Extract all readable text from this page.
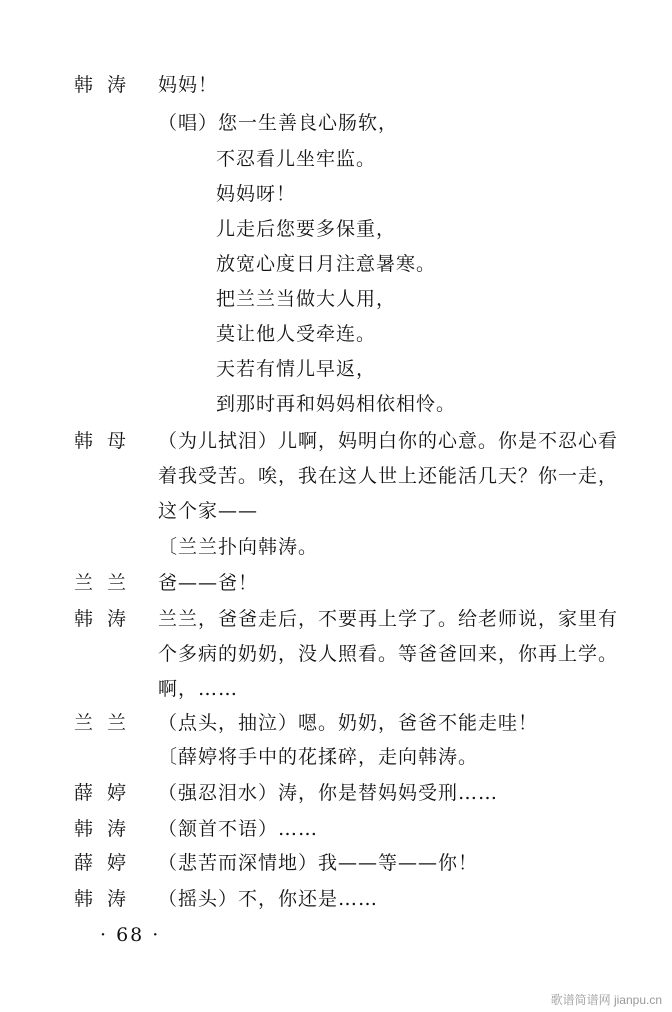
韩涛 妈妈！
（唱）您一生善良心肠软，
不忍看儿坐牢监。
妈妈呀！
儿走后您要多保重，
放宽心度日月注意暑寒。
把兰兰当做大人用，
莫让他人受牵连。
天若有情儿早返，
到那时再和妈妈相依相怜。
韩母 （为儿拭泪）儿啊，妈明白你的心意。你是不忍心看着我受苦。唉，我在这人世上还能活几天？你一走，这个家——
〔兰兰扑向韩涛。
兰兰 爸——爸！
韩涛 兰兰，爸爸走后，不要再上学了。给老师说，家里有个多病的奶奶，没人照看。等爸爸回来，你再上学。啊，……
兰兰 （点头，抽泣）嗯。奶奶，爸爸不能走哇！
〔薛婷将手中的花揉碎，走向韩涛。
薛婷 （强忍泪水）涛，你是替妈妈受刑……
韩涛 （颔首不语）……
薛婷 （悲苦而深情地）我——等——你！
韩涛 （摇头）不，你还是……
· 68 ·
歌谱简谱网 jianpu.cn
